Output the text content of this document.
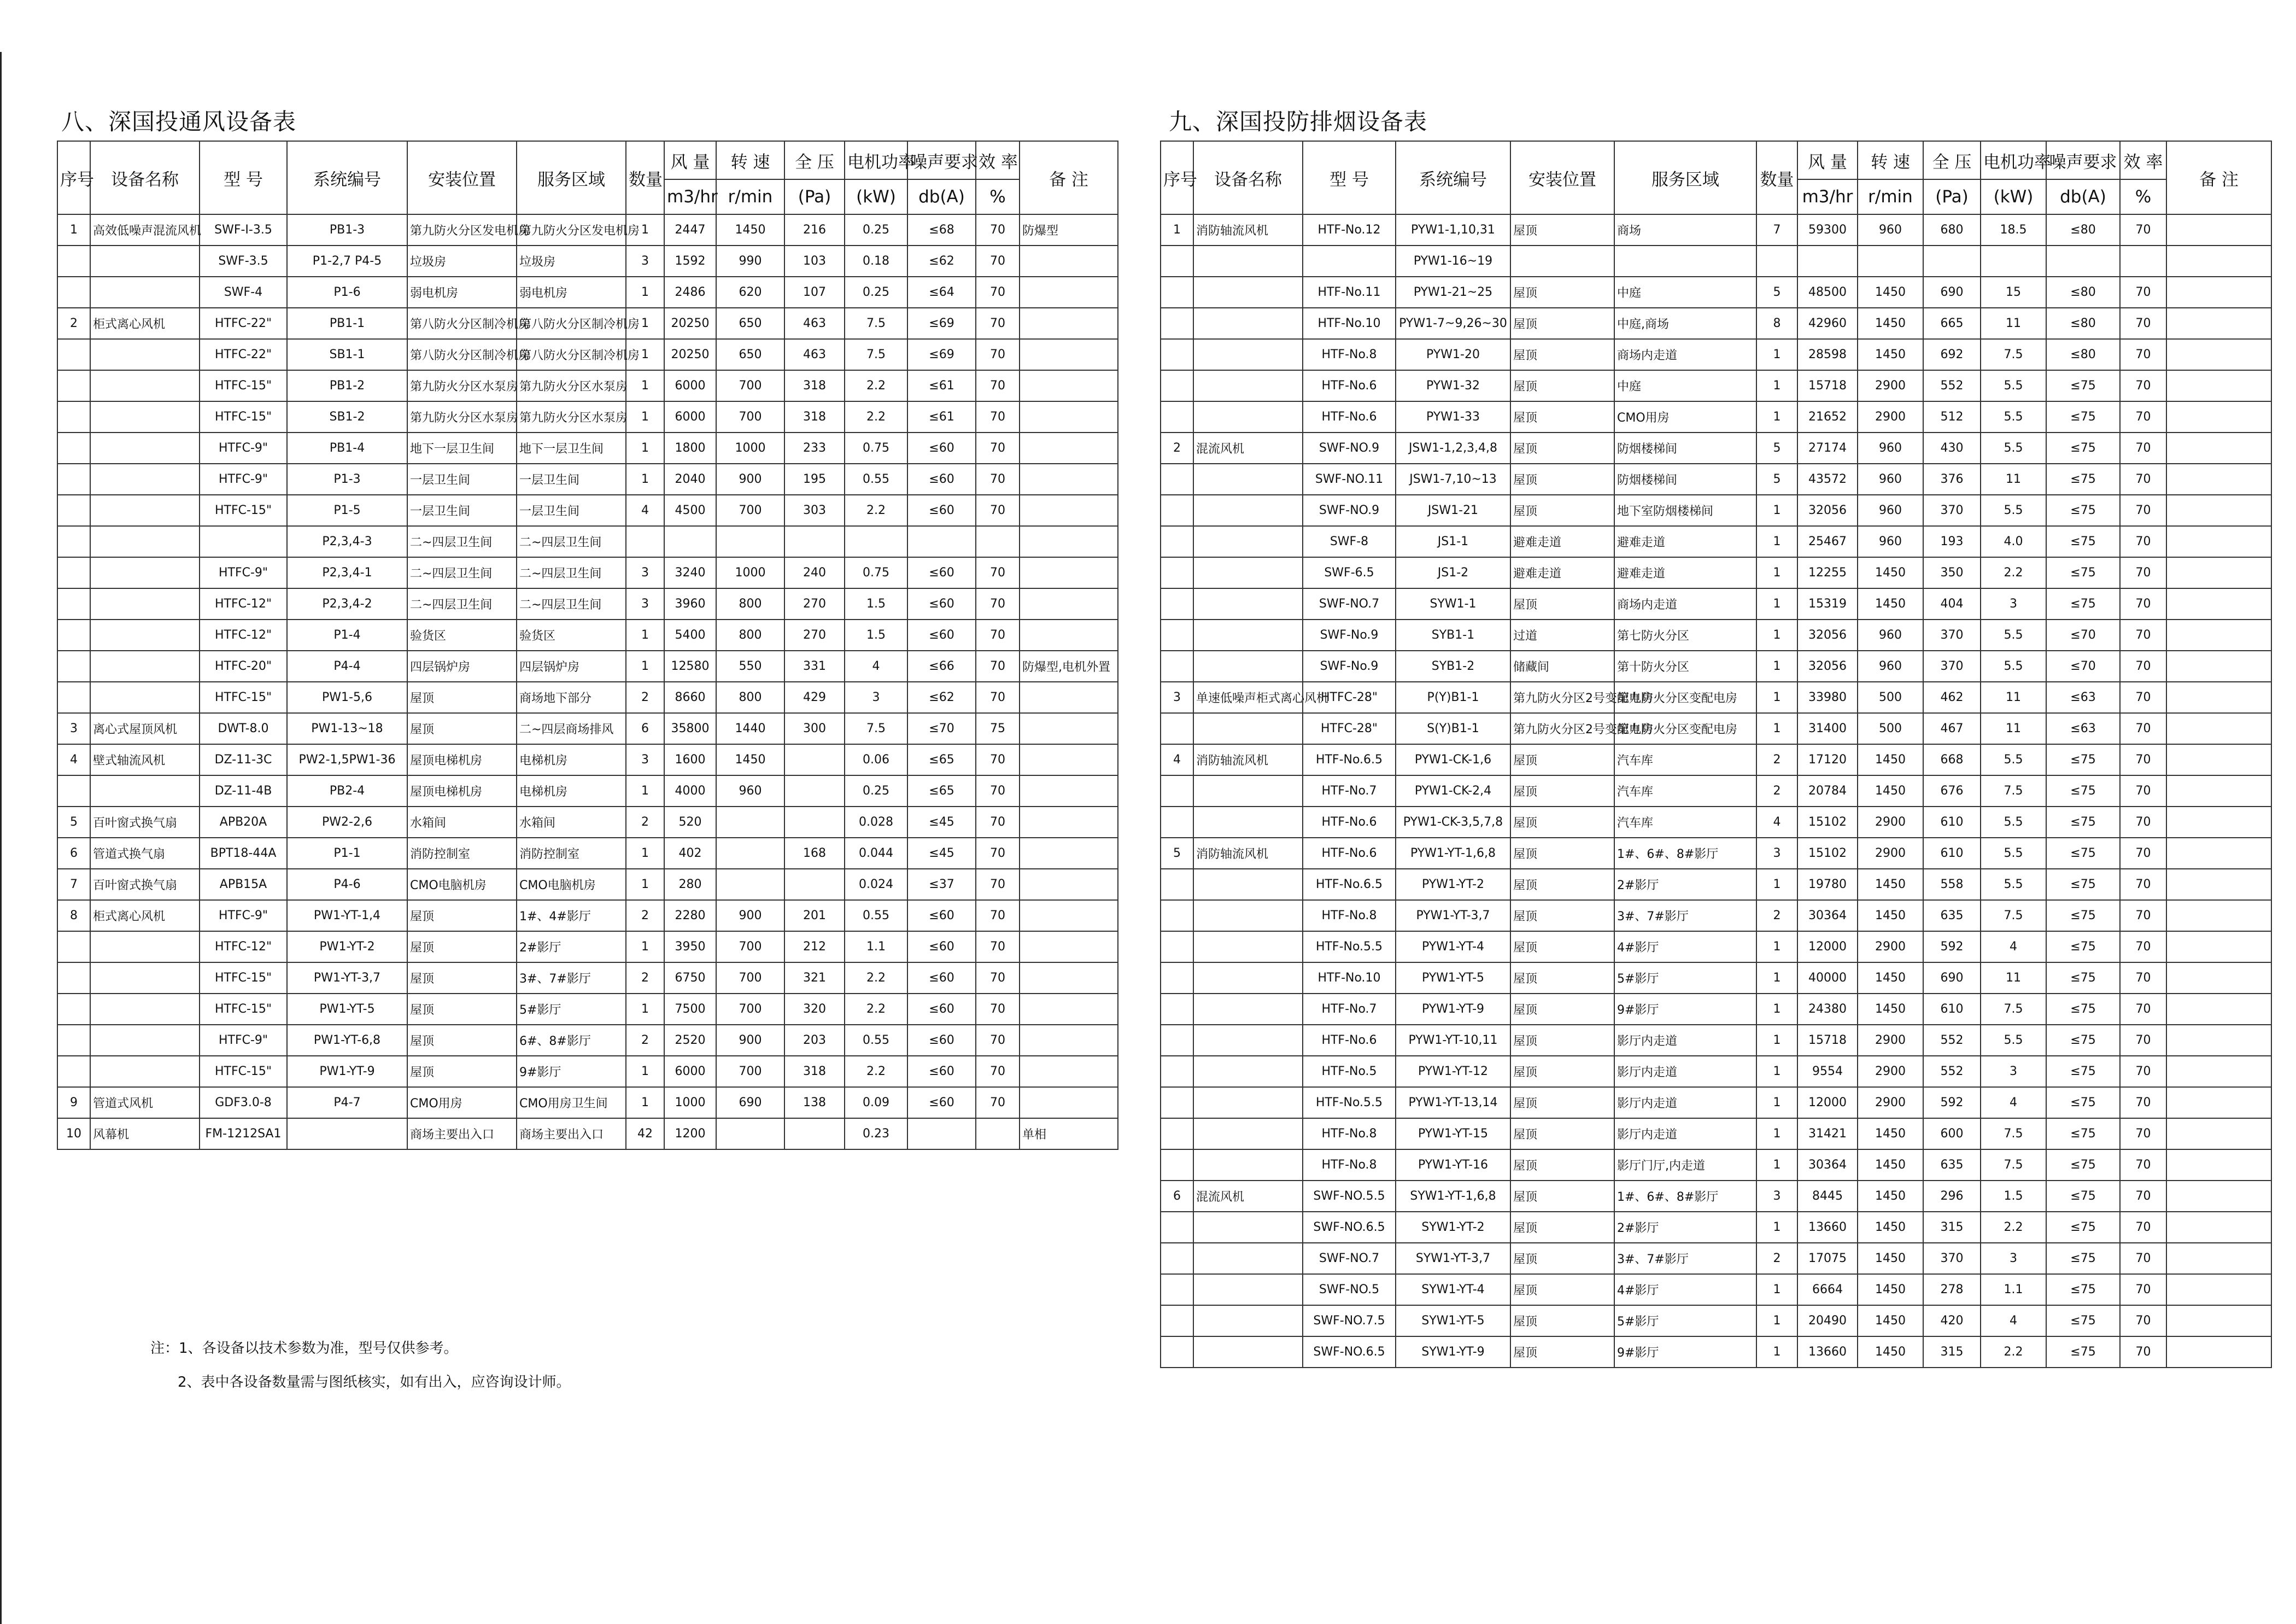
八、深国投通风设备表
序号	设备名称	型 号	系统编号	安装位置	服务区域	数量	风 量	转 速	全 压	电机功率	噪声要求	效 率	备 注
							m3/hr	r/min	(Pa)	(kW)	db(A)	%	
1	高效低噪声混流风机	SWF-Ⅰ-3.5	PB1-3	第九防火分区发电机房	第九防火分区发电机房	1	2447	1450	216	0.25	≤68	70	防爆型
		SWF-3.5	P1-2,7 P4-5	垃圾房	垃圾房	3	1592	990	103	0.18	≤62	70	
		SWF-4	P1-6	弱电机房	弱电机房	1	2486	620	107	0.25	≤64	70	
2	柜式离心风机	HTFC-22"	PB1-1	第八防火分区制冷机房	第八防火分区制冷机房	1	20250	650	463	7.5	≤69	70	
		HTFC-22"	SB1-1	第八防火分区制冷机房	第八防火分区制冷机房	1	20250	650	463	7.5	≤69	70	
		HTFC-15"	PB1-2	第九防火分区水泵房	第九防火分区水泵房	1	6000	700	318	2.2	≤61	70	
		HTFC-15"	SB1-2	第九防火分区水泵房	第九防火分区水泵房	1	6000	700	318	2.2	≤61	70	
		HTFC-9"	PB1-4	地下一层卫生间	地下一层卫生间	1	1800	1000	233	0.75	≤60	70	
		HTFC-9"	P1-3	一层卫生间	一层卫生间	1	2040	900	195	0.55	≤60	70	
		HTFC-15"	P1-5	一层卫生间	一层卫生间	4	4500	700	303	2.2	≤60	70	
			P2,3,4-3	二~四层卫生间	二~四层卫生间								
		HTFC-9"	P2,3,4-1	二~四层卫生间	二~四层卫生间	3	3240	1000	240	0.75	≤60	70	
		HTFC-12"	P2,3,4-2	二~四层卫生间	二~四层卫生间	3	3960	800	270	1.5	≤60	70	
		HTFC-12"	P1-4	验货区	验货区	1	5400	800	270	1.5	≤60	70	
		HTFC-20"	P4-4	四层锅炉房	四层锅炉房	1	12580	550	331	4	≤66	70	防爆型,电机外置
		HTFC-15"	PW1-5,6	屋顶	商场地下部分	2	8660	800	429	3	≤62	70	
3	离心式屋顶风机	DWT-8.0	PW1-13~18	屋顶	二~四层商场排风	6	35800	1440	300	7.5	≤70	75	
4	壁式轴流风机	DZ-11-3C	PW2-1,5PW1-36	屋顶电梯机房	电梯机房	3	1600	1450		0.06	≤65	70	
		DZ-11-4B	PB2-4	屋顶电梯机房	电梯机房	1	4000	960		0.25	≤65	70	
5	百叶窗式换气扇	APB20A	PW2-2,6	水箱间	水箱间	2	520			0.028	≤45	70	
6	管道式换气扇	BPT18-44A	P1-1	消防控制室	消防控制室	1	402		168	0.044	≤45	70	
7	百叶窗式换气扇	APB15A	P4-6	CMO电脑机房	CMO电脑机房	1	280			0.024	≤37	70	
8	柜式离心风机	HTFC-9"	PW1-YT-1,4	屋顶	1#、4#影厅	2	2280	900	201	0.55	≤60	70	
		HTFC-12"	PW1-YT-2	屋顶	2#影厅	1	3950	700	212	1.1	≤60	70	
		HTFC-15"	PW1-YT-3,7	屋顶	3#、7#影厅	2	6750	700	321	2.2	≤60	70	
		HTFC-15"	PW1-YT-5	屋顶	5#影厅	1	7500	700	320	2.2	≤60	70	
		HTFC-9"	PW1-YT-6,8	屋顶	6#、8#影厅	2	2520	900	203	0.55	≤60	70	
		HTFC-15"	PW1-YT-9	屋顶	9#影厅	1	6000	700	318	2.2	≤60	70	
9	管道式风机	GDF3.0-8	P4-7	CMO用房	CMO用房卫生间	1	1000	690	138	0.09	≤60	70	
10	风幕机	FM-1212SA1		商场主要出入口	商场主要出入口	42	1200			0.23			单相
九、深国投防排烟设备表
序号	设备名称	型 号	系统编号	安装位置	服务区域	数量	风 量	转 速	全 压	电机功率	噪声要求	效 率	备 注
							m3/hr	r/min	(Pa)	(kW)	db(A)	%	
1	消防轴流风机	HTF-No.12	PYW1-1,10,31	屋顶	商场	7	59300	960	680	18.5	≤80	70	
			PYW1-16~19										
		HTF-No.11	PYW1-21~25	屋顶	中庭	5	48500	1450	690	15	≤80	70	
		HTF-No.10	PYW1-7~9,26~30	屋顶	中庭,商场	8	42960	1450	665	11	≤80	70	
		HTF-No.8	PYW1-20	屋顶	商场内走道	1	28598	1450	692	7.5	≤80	70	
		HTF-No.6	PYW1-32	屋顶	中庭	1	15718	2900	552	5.5	≤75	70	
		HTF-No.6	PYW1-33	屋顶	CMO用房	1	21652	2900	512	5.5	≤75	70	
2	混流风机	SWF-NO.9	JSW1-1,2,3,4,8	屋顶	防烟楼梯间	5	27174	960	430	5.5	≤75	70	
		SWF-NO.11	JSW1-7,10~13	屋顶	防烟楼梯间	5	43572	960	376	11	≤75	70	
		SWF-NO.9	JSW1-21	屋顶	地下室防烟楼梯间	1	32056	960	370	5.5	≤75	70	
		SWF-8	JS1-1	避难走道	避难走道	1	25467	960	193	4.0	≤75	70	
		SWF-6.5	JS1-2	避难走道	避难走道	1	12255	1450	350	2.2	≤75	70	
		SWF-NO.7	SYW1-1	屋顶	商场内走道	1	15319	1450	404	3	≤75	70	
		SWF-No.9	SYB1-1	过道	第七防火分区	1	32056	960	370	5.5	≤70	70	
		SWF-No.9	SYB1-2	储藏间	第十防火分区	1	32056	960	370	5.5	≤70	70	
3	单速低噪声柜式离心风机	HTFC-28"	P(Y)B1-1	第九防火分区2号变配电房	第九防火分区变配电房	1	33980	500	462	11	≤63	70	
		HTFC-28"	S(Y)B1-1	第九防火分区2号变配电房	第九防火分区变配电房	1	31400	500	467	11	≤63	70	
4	消防轴流风机	HTF-No.6.5	PYW1-CK-1,6	屋顶	汽车库	2	17120	1450	668	5.5	≤75	70	
		HTF-No.7	PYW1-CK-2,4	屋顶	汽车库	2	20784	1450	676	7.5	≤75	70	
		HTF-No.6	PYW1-CK-3,5,7,8	屋顶	汽车库	4	15102	2900	610	5.5	≤75	70	
5	消防轴流风机	HTF-No.6	PYW1-YT-1,6,8	屋顶	1#、6#、8#影厅	3	15102	2900	610	5.5	≤75	70	
		HTF-No.6.5	PYW1-YT-2	屋顶	2#影厅	1	19780	1450	558	5.5	≤75	70	
		HTF-No.8	PYW1-YT-3,7	屋顶	3#、7#影厅	2	30364	1450	635	7.5	≤75	70	
		HTF-No.5.5	PYW1-YT-4	屋顶	4#影厅	1	12000	2900	592	4	≤75	70	
		HTF-No.10	PYW1-YT-5	屋顶	5#影厅	1	40000	1450	690	11	≤75	70	
		HTF-No.7	PYW1-YT-9	屋顶	9#影厅	1	24380	1450	610	7.5	≤75	70	
		HTF-No.6	PYW1-YT-10,11	屋顶	影厅内走道	1	15718	2900	552	5.5	≤75	70	
		HTF-No.5	PYW1-YT-12	屋顶	影厅内走道	1	9554	2900	552	3	≤75	70	
		HTF-No.5.5	PYW1-YT-13,14	屋顶	影厅内走道	1	12000	2900	592	4	≤75	70	
		HTF-No.8	PYW1-YT-15	屋顶	影厅内走道	1	31421	1450	600	7.5	≤75	70	
		HTF-No.8	PYW1-YT-16	屋顶	影厅门厅,内走道	1	30364	1450	635	7.5	≤75	70	
6	混流风机	SWF-NO.5.5	SYW1-YT-1,6,8	屋顶	1#、6#、8#影厅	3	8445	1450	296	1.5	≤75	70	
		SWF-NO.6.5	SYW1-YT-2	屋顶	2#影厅	1	13660	1450	315	2.2	≤75	70	
		SWF-NO.7	SYW1-YT-3,7	屋顶	3#、7#影厅	2	17075	1450	370	3	≤75	70	
		SWF-NO.5	SYW1-YT-4	屋顶	4#影厅	1	6664	1450	278	1.1	≤75	70	
		SWF-NO.7.5	SYW1-YT-5	屋顶	5#影厅	1	20490	1450	420	4	≤75	70	
		SWF-NO.6.5	SYW1-YT-9	屋顶	9#影厅	1	13660	1450	315	2.2	≤75	70	
注：1、各设备以技术参数为准，型号仅供参考。
2、表中各设备数量需与图纸核实，如有出入，应咨询设计师。
